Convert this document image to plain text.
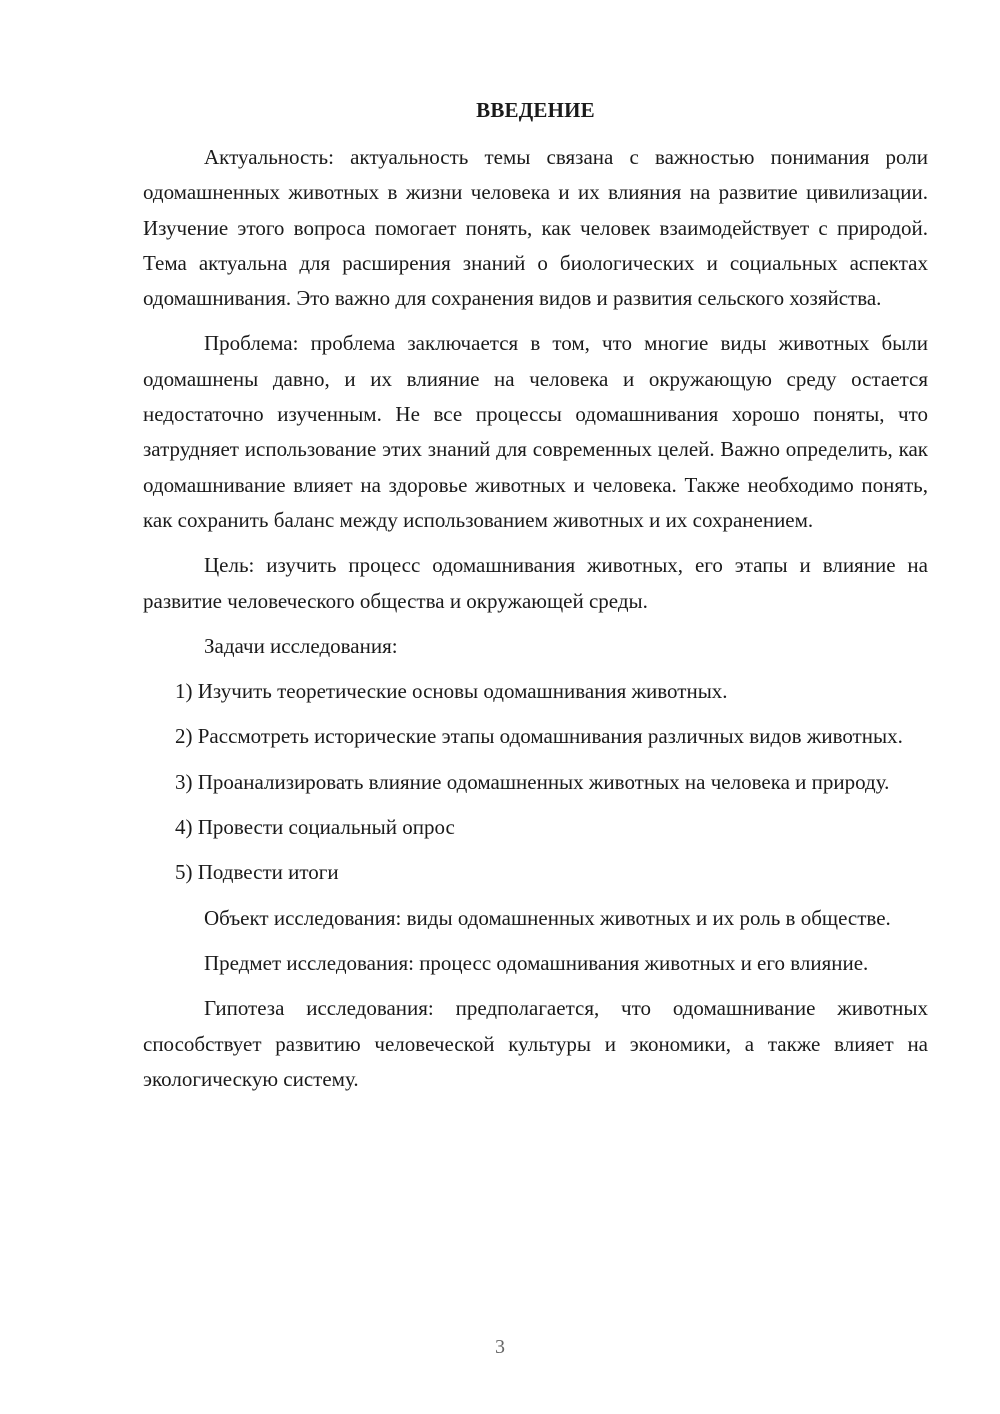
ВВЕДЕНИЕ

Актуальность: актуальность темы связана с важностью понимания роли одомашненных животных в жизни человека и их влияния на развитие цивилизации. Изучение этого вопроса помогает понять, как человек взаимодействует с природой. Тема актуальна для расширения знаний о биологических и социальных аспектах одомашнивания. Это важно для сохранения видов и развития сельского хозяйства.

Проблема: проблема заключается в том, что многие виды животных были одомашнены давно, и их влияние на человека и окружающую среду остается недостаточно изученным. Не все процессы одомашнивания хорошо поняты, что затрудняет использование этих знаний для современных целей. Важно определить, как одомашнивание влияет на здоровье животных и человека. Также необходимо понять, как сохранить баланс между использованием животных и их сохранением.

Цель: изучить процесс одомашнивания животных, его этапы и влияние на развитие человеческого общества и окружающей среды.

Задачи исследования:

1) Изучить теоретические основы одомашнивания животных.

2) Рассмотреть исторические этапы одомашнивания различных видов животных.

3) Проанализировать влияние одомашненных животных на человека и природу.

4) Провести социальный опрос

5) Подвести итоги

Объект исследования: виды одомашненных животных и их роль в обществе.

Предмет исследования: процесс одомашнивания животных и его влияние.

Гипотеза исследования: предполагается, что одомашнивание животных способствует развитию человеческой культуры и экономики, а также влияет на экологическую систему.

3
